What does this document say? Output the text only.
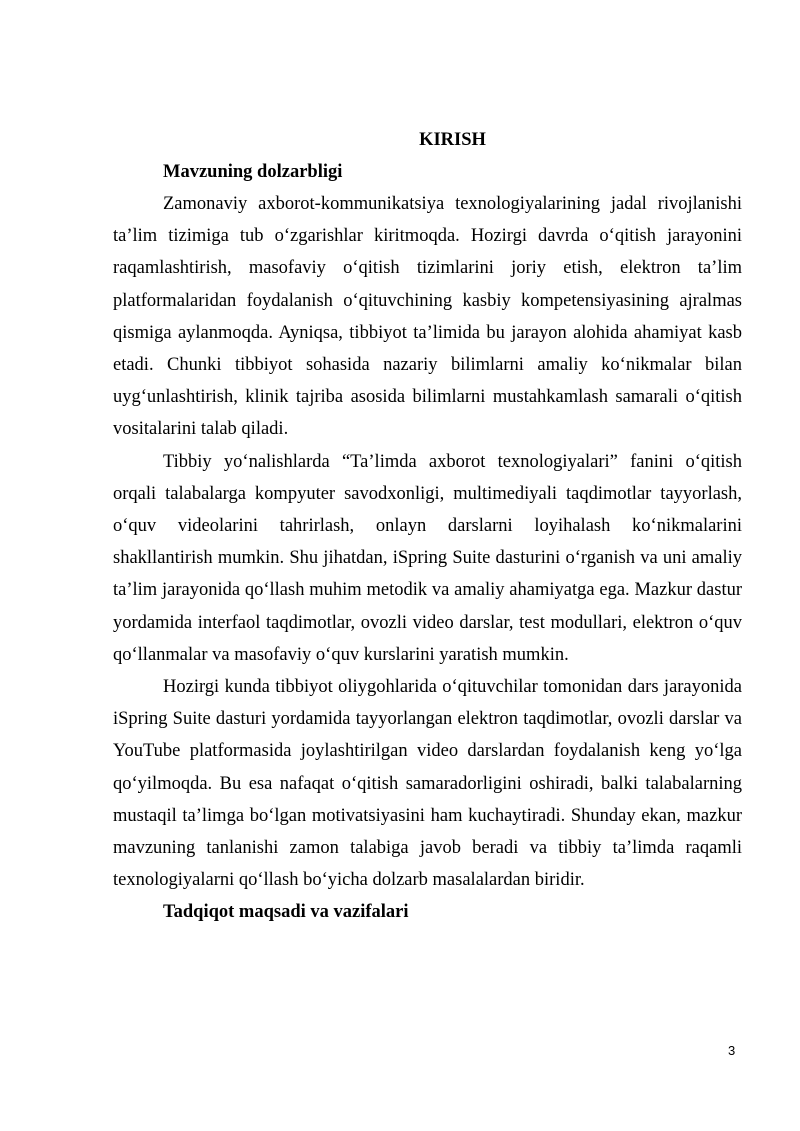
KIRISH
Mavzuning dolzarbligi

Zamonaviy axborot-kommunikatsiya texnologiyalarining jadal rivojlanishi ta’lim tizimiga tub o‘zgarishlar kiritmoqda. Hozirgi davrda o‘qitish jarayonini raqamlashtirish, masofaviy o‘qitish tizimlarini joriy etish, elektron ta’lim platformalaridan foydalanish o‘qituvchining kasbiy kompetensiyasining ajralmas qismiga aylanmoqda. Ayniqsa, tibbiyot ta’limida bu jarayon alohida ahamiyat kasb etadi. Chunki tibbiyot sohasida nazariy bilimlarni amaliy ko‘nikmalar bilan uyg‘unlashtirish, klinik tajriba asosida bilimlarni mustahkamlash samarali o‘qitish vositalarini talab qiladi.

Tibbiy yo‘nalishlarda “Ta’limda axborot texnologiyalari” fanini o‘qitish orqali talabalarga kompyuter savodxonligi, multimediyali taqdimotlar tayyorlash, o‘quv videolarini tahrirlash, onlayn darslarni loyihalash ko‘nikmalarini shakllantirish mumkin. Shu jihatdan, iSpring Suite dasturini o‘rganish va uni amaliy ta’lim jarayonida qo‘llash muhim metodik va amaliy ahamiyatga ega. Mazkur dastur yordamida interfaol taqdimotlar, ovozli video darslar, test modullari, elektron o‘quv qo‘llanmalar va masofaviy o‘quv kurslarini yaratish mumkin.

Hozirgi kunda tibbiyot oliygohlarida o‘qituvchilar tomonidan dars jarayonida iSpring Suite dasturi yordamida tayyorlangan elektron taqdimotlar, ovozli darslar va YouTube platformasida joylashtirilgan video darslardan foydalanish keng yo‘lga qo‘yilmoqda. Bu esa nafaqat o‘qitish samaradorligini oshiradi, balki talabalarning mustaqil ta’limga bo‘lgan motivatsiyasini ham kuchaytiradi. Shunday ekan, mazkur mavzuning tanlanishi zamon talabiga javob beradi va tibbiy ta’limda raqamli texnologiyalarni qo‘llash bo‘yicha dolzarb masalalardan biridir.

Tadqiqot maqsadi va vazifalari
3
